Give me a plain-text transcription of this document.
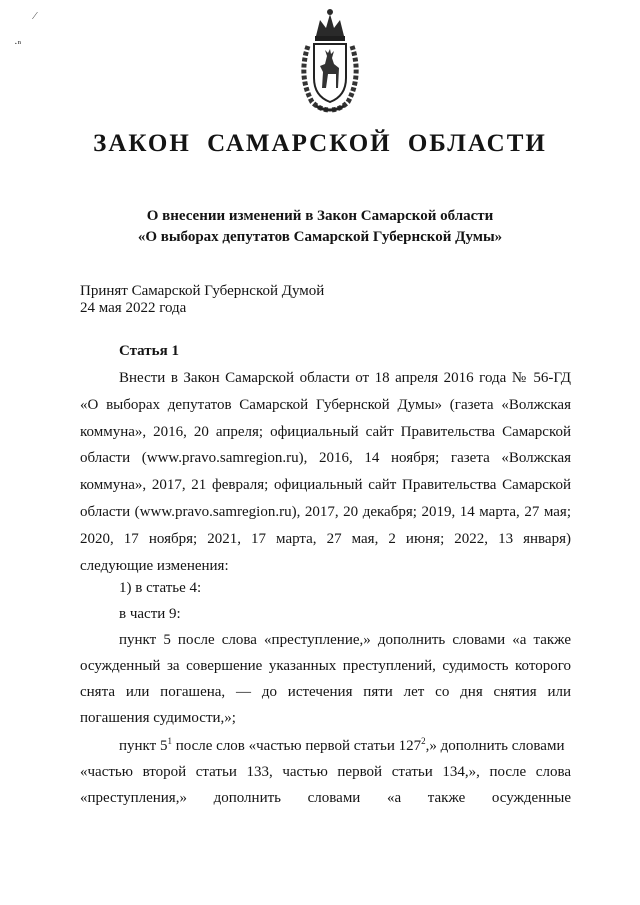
⁄
·ⁿ
ЗАКОН САМАРСКОЙ ОБЛАСТИ
О внесении изменений в Закон Самарской области
«О выборах депутатов Самарской Губернской Думы»
Принят Самарской Губернской Думой
24 мая 2022 года
Статья 1

Внести в Закон Самарской области от 18 апреля 2016 года № 56-ГД «О выборах депутатов Самарской Губернской Думы» (газета «Волжская коммуна», 2016, 20 апреля; официальный сайт Правительства Самарской области (www.pravo.samregion.ru), 2016, 14 ноября; газета «Волжская коммуна», 2017, 21 февраля; официальный сайт Правительства Самарской области (www.pravo.samregion.ru), 2017, 20 декабря; 2019, 14 марта, 27 мая; 2020, 17 ноября; 2021, 17 марта, 27 мая, 2 июня; 2022, 13 января) следующие изменения:

1) в статье 4:
в части 9:
пункт 5 после слова «преступление,» дополнить словами «а также
осужденный за совершение указанных преступлений, судимость которого
снята или погашена, — до истечения пяти лет со дня снятия или
погашения судимости,»;
пункт $5^1$ после слов «частью первой статьи $127^2$,» дополнить словами
«частью второй статьи 133, частью первой статьи 134,», после слова
«преступления,» дополнить словами «а также осужденные
